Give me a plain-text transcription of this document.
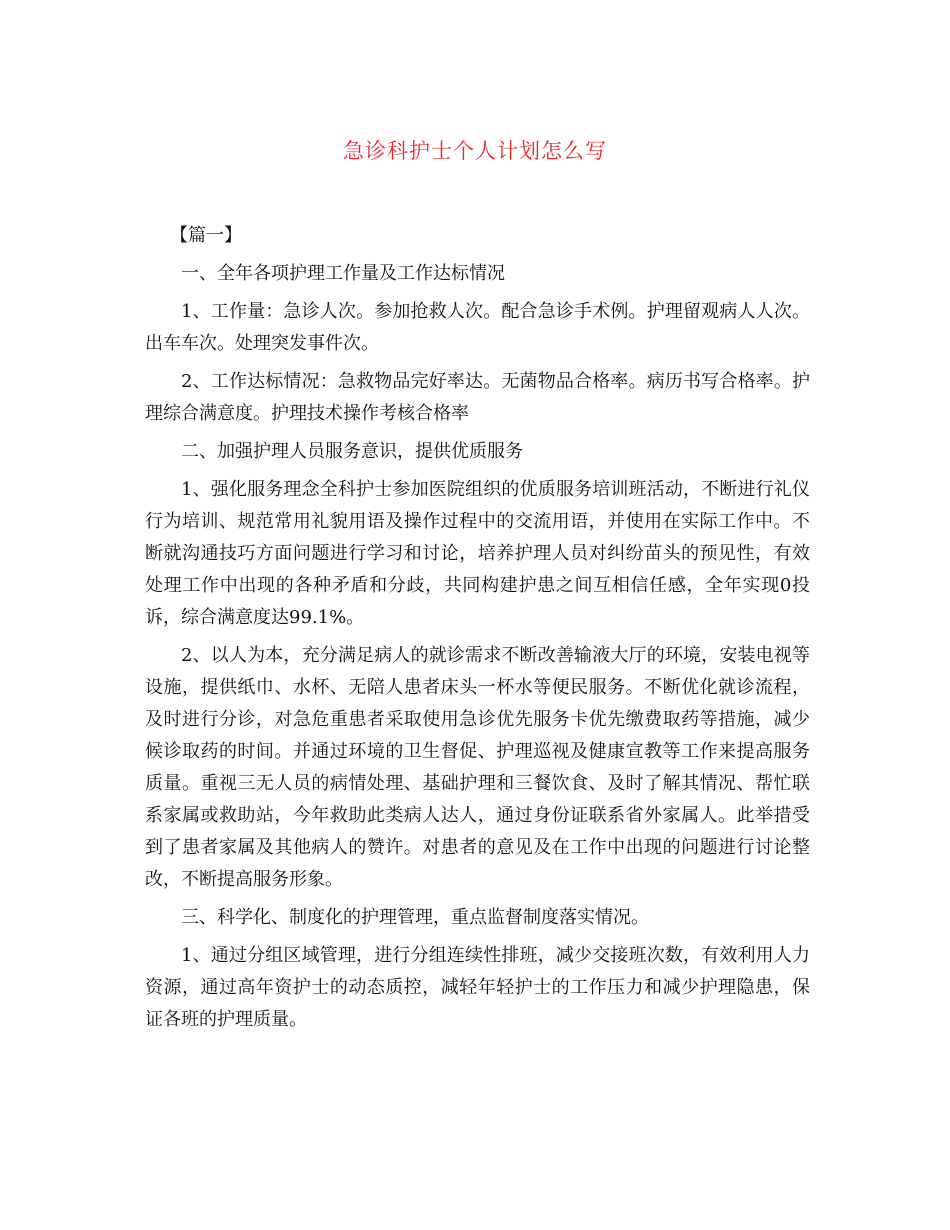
急诊科护士个人计划怎么写

【篇一】

一、全年各项护理工作量及工作达标情况

1、工作量：急诊人次。参加抢救人次。配合急诊手术例。护理留观病人人次。出车车次。处理突发事件次。

2、工作达标情况：急救物品完好率达。无菌物品合格率。病历书写合格率。护理综合满意度。护理技术操作考核合格率

二、加强护理人员服务意识，提供优质服务

1、强化服务理念全科护士参加医院组织的优质服务培训班活动，不断进行礼仪行为培训、规范常用礼貌用语及操作过程中的交流用语，并使用在实际工作中。不断就沟通技巧方面问题进行学习和讨论，培养护理人员对纠纷苗头的预见性，有效处理工作中出现的各种矛盾和分歧，共同构建护患之间互相信任感，全年实现0投诉，综合满意度达99.1%。

2、以人为本，充分满足病人的就诊需求不断改善输液大厅的环境，安装电视等设施，提供纸巾、水杯、无陪人患者床头一杯水等便民服务。不断优化就诊流程，及时进行分诊，对急危重患者采取使用急诊优先服务卡优先缴费取药等措施，减少候诊取药的时间。并通过环境的卫生督促、护理巡视及健康宣教等工作来提高服务质量。重视三无人员的病情处理、基础护理和三餐饮食、及时了解其情况、帮忙联系家属或救助站，今年救助此类病人达人，通过身份证联系省外家属人。此举措受到了患者家属及其他病人的赞许。对患者的意见及在工作中出现的问题进行讨论整改，不断提高服务形象。

三、科学化、制度化的护理管理，重点监督制度落实情况。

1、通过分组区域管理，进行分组连续性排班，减少交接班次数，有效利用人力资源，通过高年资护士的动态质控，减轻年轻护士的工作压力和减少护理隐患，保证各班的护理质量。
